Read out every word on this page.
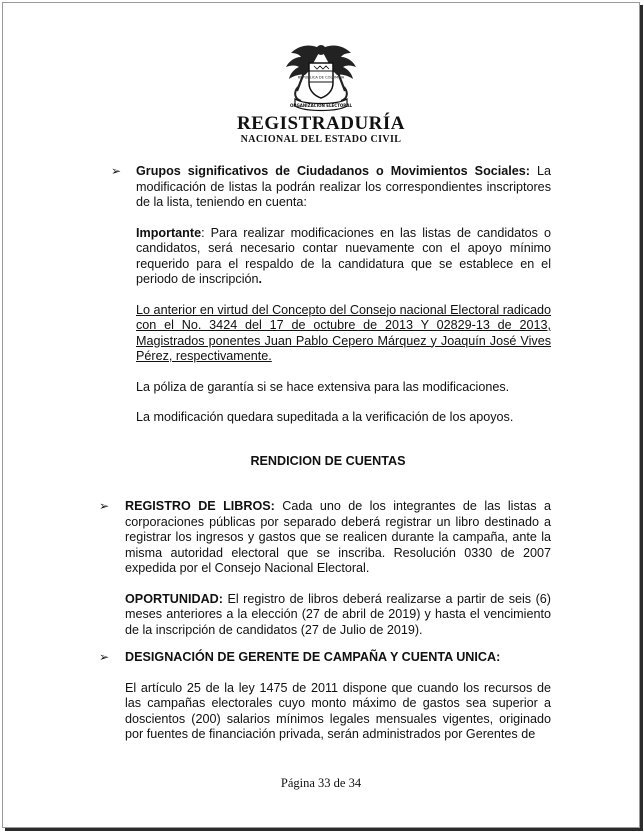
REPÚBLICA DE COLOMBIA
ORGANIZACIÓN ELECTORAL
REGISTRADURÍA
NACIONAL DEL ESTADO CIVIL
➢ Grupos significativos de Ciudadanos o Movimientos Sociales: La modificación de listas la podrán realizar los correspondientes inscriptores de la lista, teniendo en cuenta:

Importante: Para realizar modificaciones en las listas de candidatos o candidatos, será necesario contar nuevamente con el apoyo mínimo requerido para el respaldo de la candidatura que se establece en el periodo de inscripción.

Lo anterior en virtud del Concepto del Consejo nacional Electoral radicado con el No. 3424 del 17 de octubre de 2013 Y 02829-13 de 2013, Magistrados ponentes Juan Pablo Cepero Márquez y Joaquín José Vives Pérez, respectivamente.

La póliza de garantía si se hace extensiva para las modificaciones.

La modificación quedara supeditada a la verificación de los apoyos.

RENDICION DE CUENTAS
➢ REGISTRO DE LIBROS: Cada uno de los integrantes de las listas a corporaciones públicas por separado deberá registrar un libro destinado a registrar los ingresos y gastos que se realicen durante la campaña, ante la misma autoridad electoral que se inscriba. Resolución 0330 de 2007 expedida por el Consejo Nacional Electoral.

OPORTUNIDAD: El registro de libros deberá realizarse a partir de seis (6) meses anteriores a la elección (27 de abril de 2019) y hasta el vencimiento de la inscripción de candidatos (27 de Julio de 2019).

➢ DESIGNACIÓN DE GERENTE DE CAMPAÑA Y CUENTA UNICA:

El artículo 25 de la ley 1475 de 2011 dispone que cuando los recursos de las campañas electorales cuyo monto máximo de gastos sea superior a doscientos (200) salarios mínimos legales mensuales vigentes, originado por fuentes de financiación privada, serán administrados por Gerentes de

Página 33 de 34
